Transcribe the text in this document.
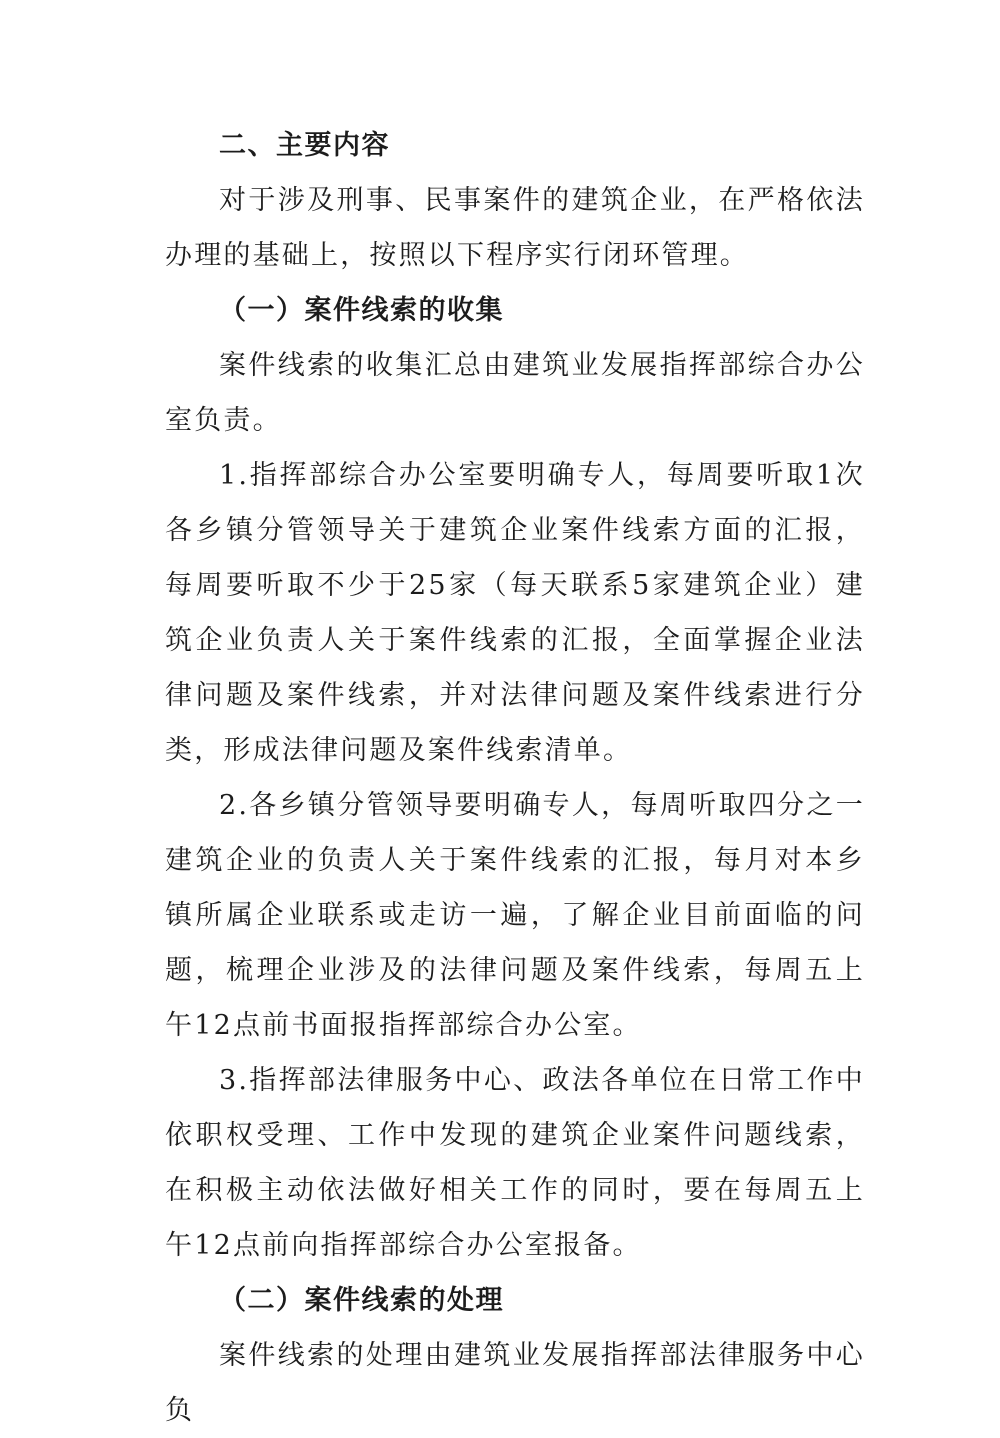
二、主要内容

对于涉及刑事、民事案件的建筑企业，在严格依法办理的基础上，按照以下程序实行闭环管理。

（一）案件线索的收集

案件线索的收集汇总由建筑业发展指挥部综合办公室负责。

1.指挥部综合办公室要明确专人，每周要听取1次各乡镇分管领导关于建筑企业案件线索方面的汇报，每周要听取不少于25家（每天联系5家建筑企业）建筑企业负责人关于案件线索的汇报，全面掌握企业法律问题及案件线索，并对法律问题及案件线索进行分类，形成法律问题及案件线索清单。

2.各乡镇分管领导要明确专人，每周听取四分之一建筑企业的负责人关于案件线索的汇报，每月对本乡镇所属企业联系或走访一遍，了解企业目前面临的问题，梳理企业涉及的法律问题及案件线索，每周五上午12点前书面报指挥部综合办公室。

3.指挥部法律服务中心、政法各单位在日常工作中依职权受理、工作中发现的建筑企业案件问题线索，在积极主动依法做好相关工作的同时，要在每周五上午12点前向指挥部综合办公室报备。

（二）案件线索的处理

案件线索的处理由建筑业发展指挥部法律服务中心负
